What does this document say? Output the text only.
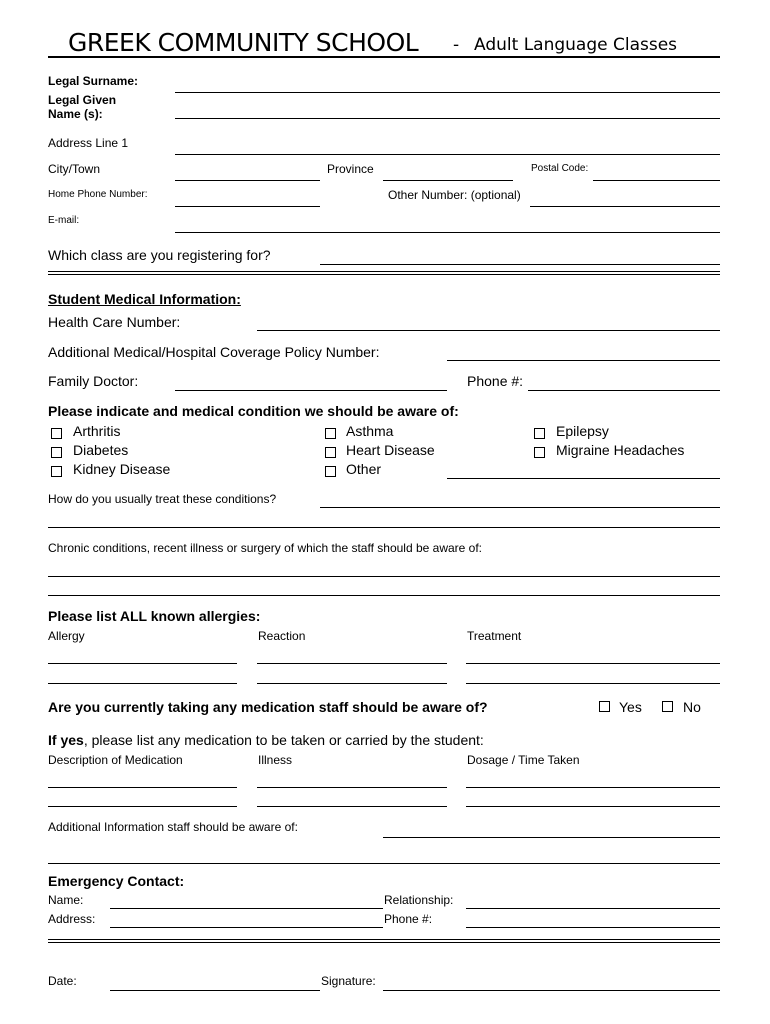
GREEK COMMUNITY SCHOOL - Adult Language Classes
Legal Surname:
Legal Given
Name (s):
Address Line 1
City/Town	Province	Postal Code:
Home Phone Number:	Other Number: (optional)
E-mail:
Which class are you registering for?
Student Medical Information:
Health Care Number:
Additional Medical/Hospital Coverage Policy Number:
Family Doctor:	Phone #:
Please indicate and medical condition we should be aware of:
Arthritis	Asthma	Epilepsy
Diabetes	Heart Disease	Migraine Headaches
Kidney Disease	Other
How do you usually treat these conditions?
Chronic conditions, recent illness or surgery of which the staff should be aware of:
Please list ALL known allergies:
Allergy	Reaction	Treatment
Are you currently taking any medication staff should be aware of?	Yes	No
If yes, please list any medication to be taken or carried by the student:
Description of Medication	Illness	Dosage / Time Taken
Additional Information staff should be aware of:
Emergency Contact:
Name:	Relationship:
Address:	Phone #:
Date:	Signature:
